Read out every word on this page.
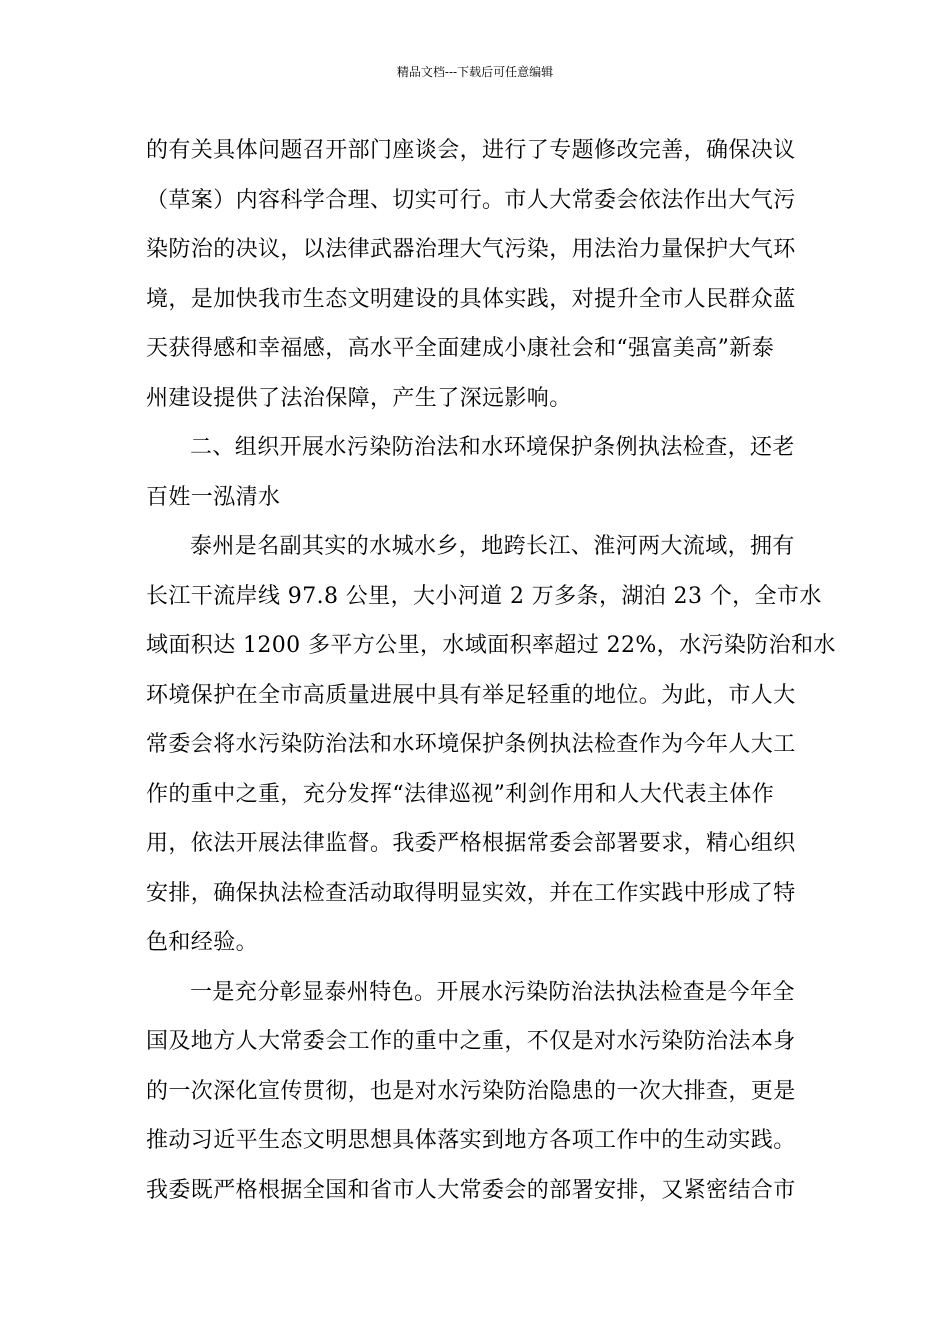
精品文档---下载后可任意编辑
的有关具体问题召开部门座谈会，进行了专题修改完善，确保决议
（草案）内容科学合理、切实可行。市人大常委会依法作出大气污
染防治的决议，以法律武器治理大气污染，用法治力量保护大气环
境，是加快我市生态文明建设的具体实践，对提升全市人民群众蓝
天获得感和幸福感，高水平全面建成小康社会和“强富美高”新泰
州建设提供了法治保障，产生了深远影响。
二、组织开展水污染防治法和水环境保护条例执法检查，还老
百姓一泓清水
泰州是名副其实的水城水乡，地跨长江、淮河两大流域，拥有
长江干流岸线 97.8 公里，大小河道 2 万多条，湖泊 23 个，全市水
域面积达 1200 多平方公里，水域面积率超过 22%，水污染防治和水
环境保护在全市高质量进展中具有举足轻重的地位。为此，市人大
常委会将水污染防治法和水环境保护条例执法检查作为今年人大工
作的重中之重，充分发挥“法律巡视”利剑作用和人大代表主体作
用，依法开展法律监督。我委严格根据常委会部署要求，精心组织
安排，确保执法检查活动取得明显实效，并在工作实践中形成了特
色和经验。
一是充分彰显泰州特色。开展水污染防治法执法检查是今年全
国及地方人大常委会工作的重中之重，不仅是对水污染防治法本身
的一次深化宣传贯彻，也是对水污染防治隐患的一次大排查，更是
推动习近平生态文明思想具体落实到地方各项工作中的生动实践。
我委既严格根据全国和省市人大常委会的部署安排，又紧密结合市
